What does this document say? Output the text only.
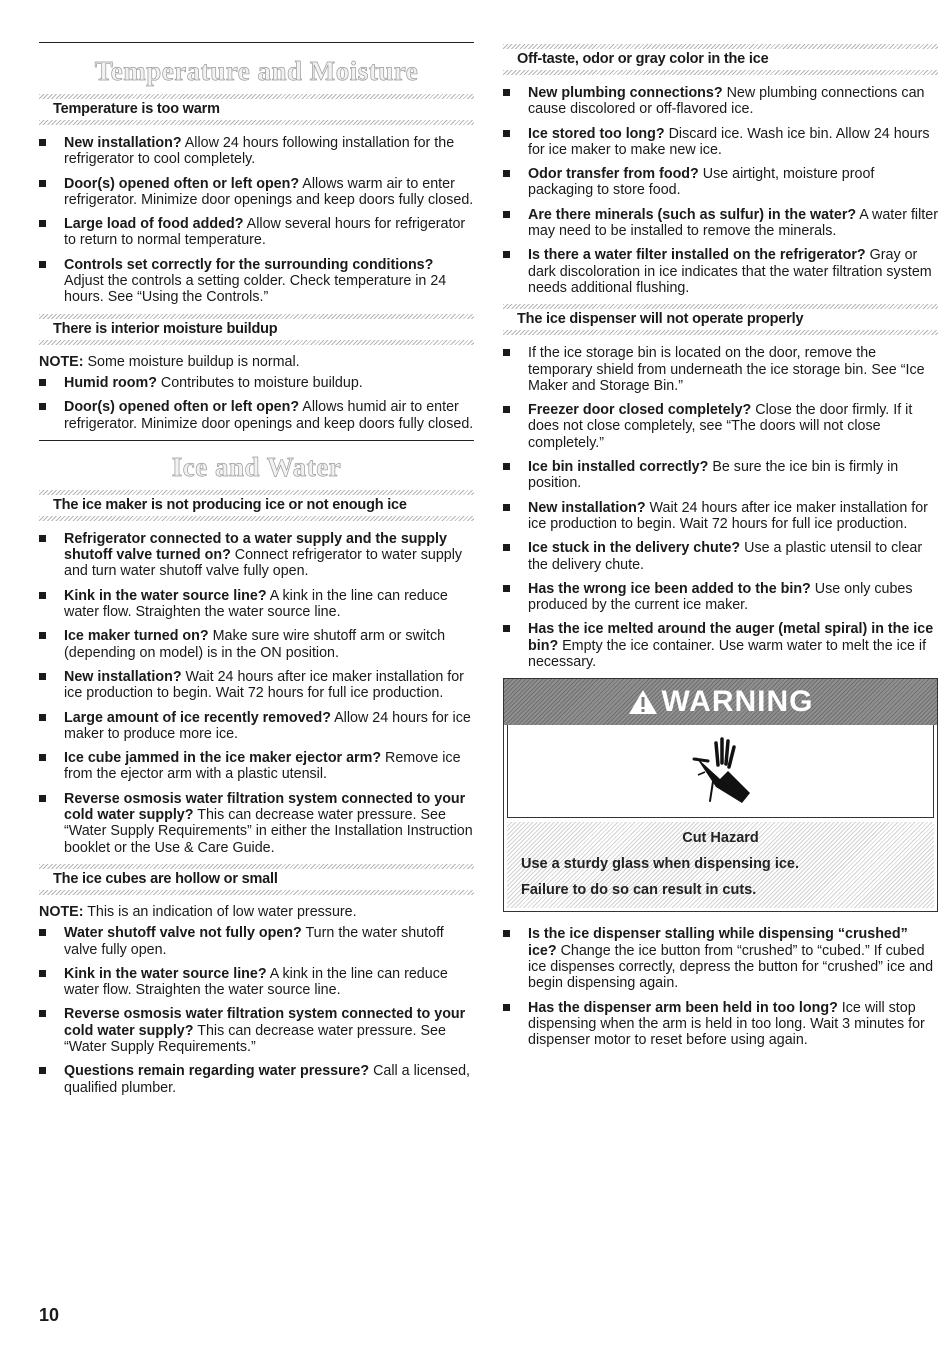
Temperature and Moisture
Temperature is too warm
New installation? Allow 24 hours following installation for the refrigerator to cool completely.
Door(s) opened often or left open? Allows warm air to enter refrigerator. Minimize door openings and keep doors fully closed.
Large load of food added? Allow several hours for refrigerator to return to normal temperature.
Controls set correctly for the surrounding conditions? Adjust the controls a setting colder. Check temperature in 24 hours. See “Using the Controls.”
There is interior moisture buildup

NOTE: Some moisture buildup is normal.

Humid room? Contributes to moisture buildup.
Door(s) opened often or left open? Allows humid air to enter refrigerator. Minimize door openings and keep doors fully closed.
Ice and Water
The ice maker is not producing ice or not enough ice
Refrigerator connected to a water supply and the supply shutoff valve turned on? Connect refrigerator to water supply and turn water shutoff valve fully open.
Kink in the water source line? A kink in the line can reduce water flow. Straighten the water source line.
Ice maker turned on? Make sure wire shutoff arm or switch (depending on model) is in the ON position.
New installation? Wait 24 hours after ice maker installation for ice production to begin. Wait 72 hours for full ice production.
Large amount of ice recently removed? Allow 24 hours for ice maker to produce more ice.
Ice cube jammed in the ice maker ejector arm? Remove ice from the ejector arm with a plastic utensil.
Reverse osmosis water filtration system connected to your cold water supply? This can decrease water pressure. See “Water Supply Requirements” in either the Installation Instruction booklet or the Use & Care Guide.
The ice cubes are hollow or small

NOTE: This is an indication of low water pressure.

Water shutoff valve not fully open? Turn the water shutoff valve fully open.
Kink in the water source line? A kink in the line can reduce water flow. Straighten the water source line.
Reverse osmosis water filtration system connected to your cold water supply? This can decrease water pressure. See “Water Supply Requirements.”
Questions remain regarding water pressure? Call a licensed, qualified plumber.
Off-taste, odor or gray color in the ice
New plumbing connections? New plumbing connections can cause discolored or off-flavored ice.
Ice stored too long? Discard ice. Wash ice bin. Allow 24 hours for ice maker to make new ice.
Odor transfer from food? Use airtight, moisture proof packaging to store food.
Are there minerals (such as sulfur) in the water? A water filter may need to be installed to remove the minerals.
Is there a water filter installed on the refrigerator? Gray or dark discoloration in ice indicates that the water filtration system needs additional flushing.
The ice dispenser will not operate properly
If the ice storage bin is located on the door, remove the temporary shield from underneath the ice storage bin. See “Ice Maker and Storage Bin.”
Freezer door closed completely? Close the door firmly. If it does not close completely, see “The doors will not close completely.”
Ice bin installed correctly? Be sure the ice bin is firmly in position.
New installation? Wait 24 hours after ice maker installation for ice production to begin. Wait 72 hours for full ice production.
Ice stuck in the delivery chute? Use a plastic utensil to clear the delivery chute.
Has the wrong ice been added to the bin? Use only cubes produced by the current ice maker.
Has the ice melted around the auger (metal spiral) in the ice bin? Empty the ice container. Use warm water to melt the ice if necessary.
WARNING
Cut Hazard

Use a sturdy glass when dispensing ice.

Failure to do so can result in cuts.

Is the ice dispenser stalling while dispensing “crushed” ice? Change the ice button from “crushed” to “cubed.” If cubed ice dispenses correctly, depress the button for “crushed” ice and begin dispensing again.
Has the dispenser arm been held in too long? Ice will stop dispensing when the arm is held in too long. Wait 3 minutes for dispenser motor to reset before using again.
10
